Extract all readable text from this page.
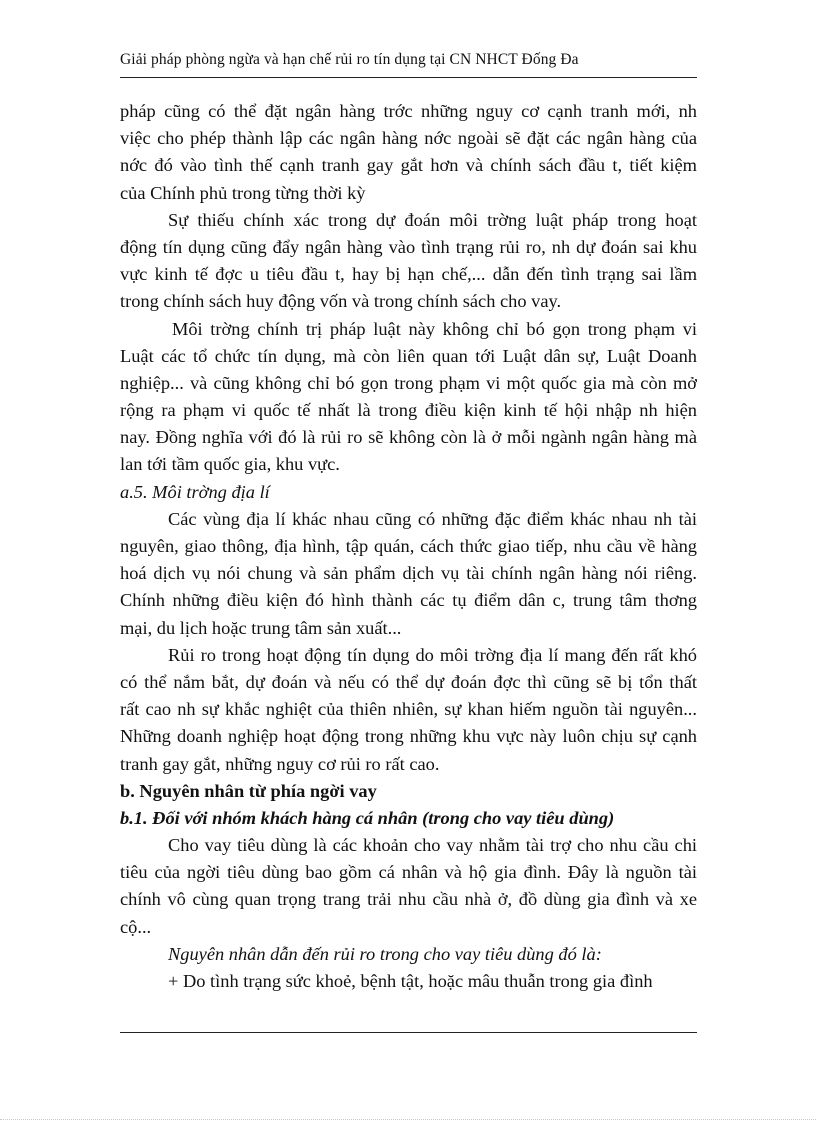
Giải pháp phòng ngừa và hạn chế rủi ro tín dụng tại CN NHCT Đống Đa
pháp cũng có thể đặt ngân hàng trớc những nguy cơ cạnh tranh mới, nh
việc cho phép thành lập các ngân hàng nớc ngoài sẽ đặt các ngân hàng của
nớc đó vào tình thế cạnh tranh gay gắt hơn và chính sách đầu t, tiết kiệm
của Chính phủ trong từng thời kỳ
Sự thiếu chính xác trong dự đoán môi trờng luật pháp trong hoạt
động tín dụng cũng đẩy ngân hàng vào tình trạng rủi ro, nh dự đoán sai khu
vực kinh tế đợc u tiêu đầu t, hay bị hạn chế,... dẫn đến tình trạng sai lầm
trong chính sách huy động vốn và trong chính sách cho vay.
Môi trờng chính trị pháp luật này không chỉ bó gọn trong phạm vi
Luật các tổ chức tín dụng, mà còn liên quan tới Luật dân sự, Luật Doanh
nghiệp... và cũng không chỉ bó gọn trong phạm vi một quốc gia mà còn mở
rộng ra phạm vi quốc tế nhất là trong điều kiện kinh tế hội nhập nh hiện
nay. Đồng nghĩa với đó là rủi ro sẽ không còn là ở mỗi ngành ngân hàng mà
lan tới tầm quốc gia, khu vực.
a.5. Môi trờng địa lí
Các vùng địa lí khác nhau cũng có những đặc điểm khác nhau nh tài
nguyên, giao thông, địa hình, tập quán, cách thức giao tiếp, nhu cầu về hàng
hoá dịch vụ nói chung và sản phẩm dịch vụ tài chính ngân hàng nói riêng.
Chính những điều kiện đó hình thành các tụ điểm dân c, trung tâm thơng
mại, du lịch hoặc trung tâm sản xuất...
Rủi ro trong hoạt động tín dụng do môi trờng địa lí mang đến rất khó
có thể nắm bắt, dự đoán và nếu có thể dự đoán đợc thì cũng sẽ bị tổn thất
rất cao nh sự khắc nghiệt của thiên nhiên, sự khan hiếm nguồn tài nguyên...
Những doanh nghiệp hoạt động trong những khu vực này luôn chịu sự cạnh
tranh gay gắt, những nguy cơ rủi ro rất cao.
b. Nguyên nhân từ phía ngời vay
b.1. Đối với nhóm khách hàng cá nhân (trong cho vay tiêu dùng)
Cho vay tiêu dùng là các khoản cho vay nhằm tài trợ cho nhu cầu chi
tiêu của ngời tiêu dùng bao gồm cá nhân và hộ gia đình. Đây là nguồn tài
chính vô cùng quan trọng trang trải nhu cầu nhà ở, đồ dùng gia đình và xe
cộ...
Nguyên nhân dẫn đến rủi ro trong cho vay tiêu dùng đó là:
+ Do tình trạng sức khoẻ, bệnh tật, hoặc mâu thuẫn trong gia đình
